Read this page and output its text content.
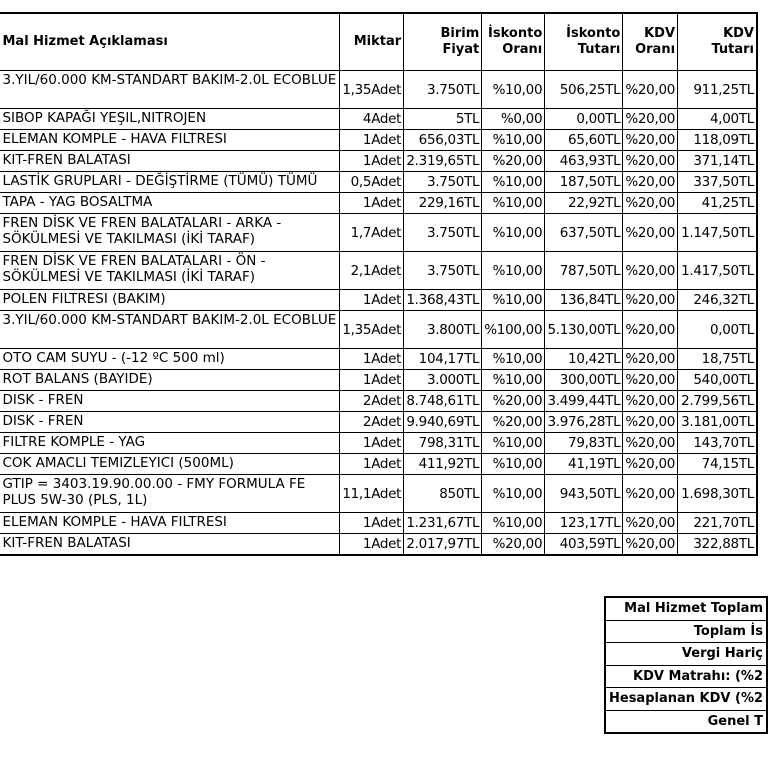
	Mal Hizmet Açıklaması	Miktar	Birim Fiyat	İskonto Oranı	İskonto Tutarı	KDV Oranı	KDV Tutarı
	3.YIL/60.000 KM-STANDART BAKIM-2.0L ECOBLUE	1,35Adet	3.750TL	%10,00	506,25TL	%20,00	911,25TL
	SIBOP KAPAĞI YEŞIL,NITROJEN	4Adet	5TL	%0,00	0,00TL	%20,00	4,00TL
	ELEMAN KOMPLE - HAVA FILTRESI	1Adet	656,03TL	%10,00	65,60TL	%20,00	118,09TL
	KIT-FREN BALATASI	1Adet	2.319,65TL	%20,00	463,93TL	%20,00	371,14TL
	LASTİK GRUPLARI - DEĞİŞTİRME (TÜMÜ) TÜMÜ	0,5Adet	3.750TL	%10,00	187,50TL	%20,00	337,50TL
	TAPA - YAG BOSALTMA	1Adet	229,16TL	%10,00	22,92TL	%20,00	41,25TL
	FREN DİSK VE FREN BALATALARI - ARKA - SÖKÜLMESİ VE TAKILMASI (İKİ TARAF)	1,7Adet	3.750TL	%10,00	637,50TL	%20,00	1.147,50TL
	FREN DİSK VE FREN BALATALARI - ÖN - SÖKÜLMESİ VE TAKILMASI (İKİ TARAF)	2,1Adet	3.750TL	%10,00	787,50TL	%20,00	1.417,50TL
	POLEN FILTRESI (BAKIM)	1Adet	1.368,43TL	%10,00	136,84TL	%20,00	246,32TL
	3.YIL/60.000 KM-STANDART BAKIM-2.0L ECOBLUE	1,35Adet	3.800TL	%100,00	5.130,00TL	%20,00	0,00TL
	OTO CAM SUYU - (-12 ºC 500 ml)	1Adet	104,17TL	%10,00	10,42TL	%20,00	18,75TL
	ROT BALANS (BAYIDE)	1Adet	3.000TL	%10,00	300,00TL	%20,00	540,00TL
	DISK - FREN	2Adet	8.748,61TL	%20,00	3.499,44TL	%20,00	2.799,56TL
	DISK - FREN	2Adet	9.940,69TL	%20,00	3.976,28TL	%20,00	3.181,00TL
	FILTRE KOMPLE - YAG	1Adet	798,31TL	%10,00	79,83TL	%20,00	143,70TL
	COK AMACLI TEMIZLEYICI (500ML)	1Adet	411,92TL	%10,00	41,19TL	%20,00	74,15TL
	GTIP = 3403.19.90.00.00 - FMY FORMULA FE PLUS 5W-30 (PLS, 1L)	11,1Adet	850TL	%10,00	943,50TL	%20,00	1.698,30TL
	ELEMAN KOMPLE - HAVA FILTRESI	1Adet	1.231,67TL	%10,00	123,17TL	%20,00	221,70TL
	KIT-FREN BALATASI	1Adet	2.017,97TL	%20,00	403,59TL	%20,00	322,88TL
Mal Hizmet Toplam
Toplam İs
Vergi Hariç
KDV Matrahı: (%2
Hesaplanan KDV (%2
Genel T
